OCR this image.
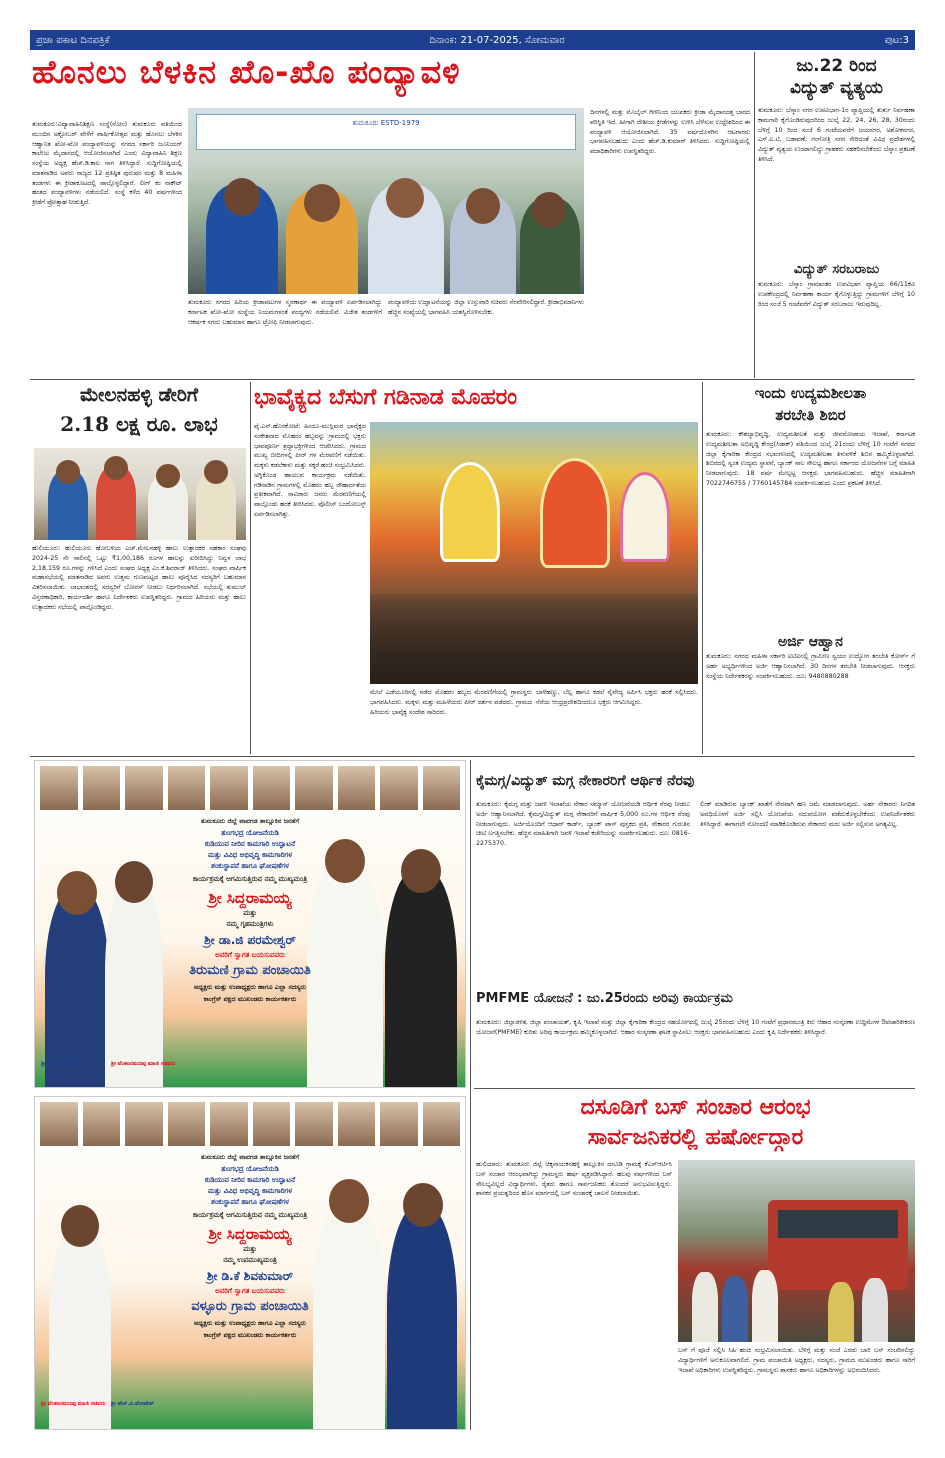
ಪ್ರಜಾ ಪಕಾಟ ದಿನಪತ್ರಿಕೆ	ದಿನಾಂಕ: 21-07-2025, ಸೋಮವಾರ	ಪುಟ:3
ಹೊನಲು ಬೆಳಕಿನ ಖೊ-ಖೊ ಪಂದ್ಯಾವಳಿ
ತುಮಕೂರು:ವಿದ್ಯಾವಾಹಿನಿಶಿಕ್ಷಣ ಸಂಸ್ಥೆ(ನೋಂ) ತುಮಕೂರು ವತಿಯಿಂದ ಮುಂದಿನ ಅಕ್ಟೋಬರ್ ವೇಳೆಗೆ ವಾರ್ಷಿಕೋತ್ಸವ ಮತ್ತು ಹೊನಲು ಬೆಳಕಿನ ಆಹ್ವಾನಿತ ಖೋ-ಖೋ ಪಂದ್ಯಾವಳಿಯನ್ನು ನಗರದ ಸರ್ಕಾರಿ ಜೂನಿಯರ್ ಕಾಲೇಜು ಮೈದಾನದಲ್ಲಿ ಆಯೋಜಿಸಲಾಗಿದೆ ಎಂದು ವಿದ್ಯಾವಾಹಿನಿ ಶಿಕ್ಷಣ ಸಂಸ್ಥೆಯ ಅಧ್ಯಕ್ಷ ಹೆಚ್.ಡಿ.ಕಾಲ ನಾಗ ತಿಳಿಸಿದ್ದಾರೆ. ಸುದ್ದಿಗೋಷ್ಠಿಯಲ್ಲಿ ಮಾತನಾಡಿದ ಅವರು ರಾಜ್ಯದ 12 ಪ್ರತಿಷ್ಠಿತ ಪುರುಷರ ಮತ್ತು 8 ಮಹಿಳಾ ತಂಡಗಳು ಈ ಕ್ರೀಡಾಕೂಟದಲ್ಲಿ ಪಾಲ್ಗೊಳ್ಳಲಿದ್ದಾರೆ. ಲೀಗ್ ಕಂ ನಾಕೌಟ್ ಹಂತದ ಪಂದ್ಯಾವಳಿಗಳು ನಡೆಯಲಿದೆ. ಸಂಸ್ಥೆ ಕಳೆದ 40 ವರ್ಷಗಳಿಂದ ಕ್ರೀಡೆಗೆ ಪ್ರೋತ್ಸಾಹ ನೀಡುತ್ತಿದೆ.
ತುಮಕೂರು ESTD-1979
ತುಮಕೂರು ನಗರದ ಹಿರಿಯ ಕ್ರೀಡಾಪಟುಗಳ ಸ್ಮರಣಾರ್ಥ ಈ ಪಂದ್ಯಾವಳಿ ಏರ್ಪಡಿಸಲಾಗಿದ್ದು ಕರ್ನಾಟಕ ಖೋ-ಖೋ ಸಂಸ್ಥೆಯ ನಿಯಮಗಳಂತೆ ಪಂದ್ಯಗಳು ನಡೆಯಲಿವೆ. ವಿಜೇತ ತಂಡಗಳಿಗೆ ಆಕರ್ಷಕ ನಗದು ಬಹುಮಾನ ಹಾಗೂ ಟ್ರೋಫಿ ನೀಡಲಾಗುವುದು.
ಪಂದ್ಯಾವಳಿಯ ಉದ್ಘಾಟನೆಯನ್ನು ಜಿಲ್ಲಾ ಉಸ್ತುವಾರಿ ಸಚಿವರು ನೆರವೇರಿಸಲಿದ್ದಾರೆ. ಕ್ರೀಡಾಭಿಮಾನಿಗಳು ಹೆಚ್ಚಿನ ಸಂಖ್ಯೆಯಲ್ಲಿ ಭಾಗವಹಿಸಿ ಯಶಸ್ವಿಗೊಳಿಸಬೇಕು.
ದಿನಗಳಲ್ಲಿ ಮತ್ತು ಮೊಬೈಲ್ ಗೀಳಿನಿಂದ ಯುವಕರು ಕ್ರೀಡಾ ಮೈದಾನದತ್ತ ಬಾರದ ಪರಿಸ್ಥಿತಿ ಇದೆ. ಹೀಗಾಗಿ ದೇಶೀಯ ಕ್ರೀಡೆಗಳನ್ನು ಉಳಿಸಿ ಬೆಳೆಸುವ ಉದ್ದೇಶದಿಂದ ಈ ಪಂದ್ಯಾವಳಿ ಆಯೋಜಿಸಲಾಗಿದೆ. 35 ವರ್ಷದೊಳಗಿನ ಆಟಗಾರರು ಭಾಗವಹಿಸಬಹುದು ಎಂದು ಹೆಚ್.ಡಿ.ಕುಮಾರ್ ತಿಳಿಸಿದರು. ಸುದ್ದಿಗೋಷ್ಠಿಯಲ್ಲಿ ಪದಾಧಿಕಾರಿಗಳು ಉಪಸ್ಥಿತರಿದ್ದರು.
ಜು.22 ರಿಂದ
ವಿದ್ಯುತ್ ವ್ಯತ್ಯಯ
ತುಮಕೂರು: ಬೆಸ್ಕಾಂ ನಗರ ಉಪವಿಭಾಗ-1ರ ವ್ಯಾಪ್ತಿಯಲ್ಲಿ ತುರ್ತು ನಿರ್ವಹಣಾ ಕಾಮಗಾರಿ ಕೈಗೊಂಡಿರುವುದರಿಂದ ಜುಲೈ 22, 24, 26, 28, 30ರಂದು ಬೆಳಿಗ್ಗೆ 10 ರಿಂದ ಸಂಜೆ 6 ಗಂಟೆಯವರೆಗೆ ಜಯನಗರ, ಅಶೋಕನಗರ, ಎಸ್.ಐ.ಟಿ. ಬಡಾವಣೆ, ಗಂಗೋತ್ರಿ ನಗರ ಸೇರಿದಂತೆ ವಿವಿಧ ಪ್ರದೇಶಗಳಲ್ಲಿ ವಿದ್ಯುತ್ ವ್ಯತ್ಯಯ ಉಂಟಾಗಲಿದ್ದು ಗ್ರಾಹಕರು ಸಹಕರಿಸಬೇಕೆಂದು ಬೆಸ್ಕಾಂ ಪ್ರಕಟಣೆ ತಿಳಿಸಿದೆ.
ವಿದ್ಯುತ್ ಸರಬರಾಜು
ತುಮಕೂರು: ಬೆಸ್ಕಾಂ ಗ್ರಾಮಾಂತರ ಉಪವಿಭಾಗ ವ್ಯಾಪ್ತಿಯ 66/11ಕೆವಿ ಉಪಕೇಂದ್ರದಲ್ಲಿ ನಿರ್ವಹಣಾ ಕಾರ್ಯ ಕೈಗೊಳ್ಳುತ್ತಿದ್ದು ಗ್ರಾಮಗಳಿಗೆ ಬೆಳಿಗ್ಗೆ 10 ರಿಂದ ಸಂಜೆ 5 ಗಂಟೆವರೆಗೆ ವಿದ್ಯುತ್ ಸರಬರಾಜು ಇರುವುದಿಲ್ಲ.
ಮೇಲನಹಳ್ಳಿ ಡೇರಿಗೆ
2.18 ಲಕ್ಷ ರೂ. ಲಾಭ
ಹುಲಿಯೂರು: ಹುಲಿಯೂರು ಹೋಬಳಿಯ ಎಚ್.ಮೇಲನಹಳ್ಳಿ ಹಾಲು ಉತ್ಪಾದಕರ ಸಹಕಾರ ಸಂಘವು 2024-25 ನೇ ಸಾಲಿನಲ್ಲಿ ಒಟ್ಟು ₹1,00,186 ರೂಗಳ ಹಾಲನ್ನು ಖರೀದಿಸಿದ್ದು ನಿವ್ವಳ ಲಾಭ 2,18,159 ರೂ.ಗಳನ್ನು ಗಳಿಸಿದೆ ಎಂದು ಸಂಘದ ಅಧ್ಯಕ್ಷ ಎಂ.ಕೆ.ಶಿವರಾಜ್ ತಿಳಿಸಿದರು. ಸಂಘದ ವಾರ್ಷಿಕ ಮಹಾಸಭೆಯಲ್ಲಿ ಮಾತನಾಡಿದ ಅವರು ಉತ್ತಮ ಗುಣಮಟ್ಟದ ಹಾಲು ಪೂರೈಸಿದ ಸದಸ್ಯರಿಗೆ ಬಹುಮಾನ ವಿತರಿಸಲಾಯಿತು. ಲಾಭಾಂಶದಲ್ಲಿ ಸದಸ್ಯರಿಗೆ ಬೋನಸ್ ನೀಡಲು ನಿರ್ಧರಿಸಲಾಗಿದೆ. ಸಭೆಯಲ್ಲಿ ತುಮುಲ್ ವಿಸ್ತರಣಾಧಿಕಾರಿ, ಕಾರ್ಯದರ್ಶಿ ಹಾಗೂ ನಿರ್ದೇಶಕರು ಉಪಸ್ಥಿತರಿದ್ದರು. ಗ್ರಾಮದ ಹಿರಿಯರು ಮತ್ತು ಹಾಲು ಉತ್ಪಾದಕರು ಸಭೆಯಲ್ಲಿ ಪಾಲ್ಗೊಂಡಿದ್ದರು.
ಭಾವೈಕ್ಯದ ಬೆಸುಗೆ ಗಡಿನಾಡ ಮೊಹರಂ
ಪೈ.ಎನ್.ಹೊಸಕೋಟೆ: ಹಿಂದೂ-ಮುಸ್ಲಿಮರ ಭಾವೈಕ್ಯದ ಸಂಕೇತವಾದ ಮೊಹರಂ ಹಬ್ಬವನ್ನು ಗ್ರಾಮದಲ್ಲಿ ಭಕ್ತರು ಭಾವಪೂರ್ಣ ಶ್ರದ್ಧಾಭಕ್ತಿಗಳಿಂದ ಆಚರಿಸಿದರು. ಗ್ರಾಮದ ಮುಖ್ಯ ಬೀದಿಗಳಲ್ಲಿ ಪೀರ್ ಗಳ ಮೆರವಣಿಗೆ ನಡೆಯಿತು. ಮಕ್ಕಳು ಕಡಲೆಕಾಳು ಮತ್ತು ಸಕ್ಕರೆ ಹಂಚಿ ಸಂಭ್ರಮಿಸಿದರು. ಅಗ್ನಿಕೊಂಡ ಹಾಯುವ ಕಾರ್ಯಕ್ರಮ ನಡೆಯಿತು. ಗಡಿನಾಡಿನ ಗ್ರಾಮಗಳಲ್ಲಿ ಮೊಹರಂ ಹಬ್ಬ ಸೌಹಾರ್ದತೆಯ ಪ್ರತೀಕವಾಗಿದೆ. ಸಾವಿರಾರು ಜನರು ಮೆರವಣಿಗೆಯಲ್ಲಿ ಪಾಲ್ಗೊಂಡು ಹರಕೆ ತೀರಿಸಿದರು. ಪೊಲೀಸ್ ಬಂದೋಬಸ್ತ್ ಏರ್ಪಡಿಸಲಾಗಿತ್ತು.
ಮೇಲೆ ಎಡೆಯೂರಿನಲ್ಲಿ ನಡೆದ ಮೊಹರಂ ಹಬ್ಬದ ಮೆರವಣಿಗೆಯಲ್ಲಿ ಗ್ರಾಮಸ್ಥರು ಭಾಗವಹಿಸಿದರು. ಮಕ್ಕಳು ಮತ್ತು ಮಹಿಳೆಯರು ಪೀರ್ ದರ್ಶನ ಪಡೆದರು. ಗ್ರಾಮದ ಹಿರಿಯರು ಭಾವೈಕ್ಯ ಸಂದೇಶ ಸಾರಿದರು.
ಬಾಳೆಹಣ್ಣು, ಬೆಲ್ಲ ಹಾಗೂ ಕಡಲೆ ನೈವೇದ್ಯ ಅರ್ಪಿಸಿ ಭಕ್ತರು ಹರಕೆ ಸಲ್ಲಿಸಿದರು. ನೆರೆಯ ಆಂಧ್ರಪ್ರದೇಶದಿಂದಲೂ ಭಕ್ತರು ಆಗಮಿಸಿದ್ದರು.
ಇಂದು ಉದ್ಯಮಶೀಲತಾ
ತರಬೇತಿ ಶಿಬಿರ
ತುಮಕೂರು: ಕೌಶಲ್ಯಾಭಿವೃದ್ಧಿ, ಉದ್ಯಮಶೀಲತೆ ಮತ್ತು ಜೀವನೋಪಾಯ ಇಲಾಖೆ, ಕರ್ನಾಟಕ ಉದ್ಯಮಶೀಲತಾ ಅಭಿವೃದ್ಧಿ ಕೇಂದ್ರ(ಸಿಡಾಕ್) ವತಿಯಿಂದ ಜುಲೈ 21ರಂದು ಬೆಳಿಗ್ಗೆ 10 ಗಂಟೆಗೆ ನಗರದ ಜಿಲ್ಲಾ ಕೈಗಾರಿಕಾ ಕೇಂದ್ರದ ಸಭಾಂಗಣದಲ್ಲಿ ಉದ್ಯಮಶೀಲತಾ ತಿಳುವಳಿಕೆ ಶಿಬಿರ ಹಮ್ಮಿಕೊಳ್ಳಲಾಗಿದೆ. ಶಿಬಿರದಲ್ಲಿ ಸ್ವಂತ ಉದ್ಯಮ ಸ್ಥಾಪನೆ, ಬ್ಯಾಂಕ್ ಸಾಲ ಸೌಲಭ್ಯ ಹಾಗೂ ಸರ್ಕಾರದ ಯೋಜನೆಗಳ ಬಗ್ಗೆ ಮಾಹಿತಿ ನೀಡಲಾಗುವುದು. 18 ವರ್ಷ ಮೇಲ್ಪಟ್ಟ ಆಸಕ್ತರು ಭಾಗವಹಿಸಬಹುದು. ಹೆಚ್ಚಿನ ಮಾಹಿತಿಗಾಗಿ 7022746755 / 7760145784 ಸಂಪರ್ಕಿಸಬಹುದು ಎಂದು ಪ್ರಕಟಣೆ ತಿಳಿಸಿದೆ.
ಅರ್ಜಿ ಆಹ್ವಾನ
ತುಮಕೂರು: ನಗರದ ಮಹಿಳಾ ಸರ್ಕಾರಿ ಐಟಿಐನಲ್ಲಿ ಗ್ರಾಮೀಣ ಸ್ವಯಂ ಉದ್ಯೋಗ ತರಬೇತಿ ಕೋರ್ಸ್ ಗೆ ಅರ್ಹ ಅಭ್ಯರ್ಥಿಗಳಿಂದ ಅರ್ಜಿ ಆಹ್ವಾನಿಸಲಾಗಿದೆ. 30 ದಿನಗಳ ತರಬೇತಿ ನೀಡಲಾಗುವುದು. ಆಸಕ್ತರು ಸಂಸ್ಥೆಯ ನಿರ್ದೇಶಕರನ್ನು ಸಂಪರ್ಕಿಸಬಹುದು. ದೂ: 9480880288
ತುಮಕೂರು ಜಿಲ್ಲೆ ಪಾವಗಡ ತಾಲ್ಲೂಕಿನ ಜನತೆಗೆ
ತುಂಗಭದ್ರ ಯೋಜನೆಯಡಿ
ಕುಡಿಯುವ ನೀರಿನ ಕಾಮಗಾರಿ ಉದ್ಘಾಟನೆ
ಮತ್ತು ವಿವಿಧ ಅಭಿವೃದ್ಧಿ ಕಾಮಗಾರಿಗಳ
ಶಂಕುಸ್ಥಾಪನೆ ಹಾಗೂ ಘೋಷಣೆಗಳ
ಕಾರ್ಯಕ್ರಮಕ್ಕೆ ಆಗಮಿಸುತ್ತಿರುವ ನಮ್ಮ ಮುಖ್ಯಮಂತ್ರಿ
ಶ್ರೀ ಸಿದ್ದರಾಮಯ್ಯ
ಮತ್ತು
ನಮ್ಮ ಗೃಹಮಂತ್ರಿಗಳು
ಶ್ರೀ ಡಾ.ಜಿ ಪರಮೇಶ್ವರ್
ಅವರಿಗೆ ಸ್ವಾಗತ ಬಯಸುವವರು
ತಿರುಮಣಿ ಗ್ರಾಮ ಪಂಚಾಯಿತಿ
ಅಧ್ಯಕ್ಷರು ಮತ್ತು ಉಪಾಧ್ಯಕ್ಷರು ಹಾಗೂ ಎಲ್ಲಾ ಸದಸ್ಯರು
ಕಾಂಗ್ರೆಸ್ ಪಕ್ಷದ ಮುಖಂಡರು ಕಾರ್ಯಕರ್ತರು
ಶ್ರೀ ಹೆಚ್.ವಿ.ವೆಂಕಟೇಶ್	ಶ್ರೀ ವೆಂಕಟರಮಣಪ್ಪ ಮಾಜಿ ಸಚಿವರು
ಕೈಮಗ್ಗ/ವಿದ್ಯುತ್ ಮಗ್ಗ ನೇಕಾರರಿಗೆ ಆರ್ಥಿಕ ನೆರವು
ತುಮಕೂರು: ಕೈಮಗ್ಗ ಮತ್ತು ಜವಳಿ ಇಲಾಖೆಯ ನೇಕಾರ ಸಮ್ಮಾನ್ ಯೋಜನೆಯಡಿ ಆರ್ಥಿಕ ನೆರವು ನೀಡಲು ಅರ್ಜಿ ಆಹ್ವಾನಿಸಲಾಗಿದೆ. ಕೈಮಗ್ಗ/ವಿದ್ಯುತ್ ಮಗ್ಗ ನೇಕಾರರಿಗೆ ವಾರ್ಷಿಕ 5,000 ರೂ.ಗಳ ಆರ್ಥಿಕ ನೆರವು ನೀಡಲಾಗುವುದು. ಅರ್ಜಿಯೊಂದಿಗೆ ಆಧಾರ್ ಕಾರ್ಡ್, ಬ್ಯಾಂಕ್ ಪಾಸ್ ಪುಸ್ತಕದ ಪ್ರತಿ, ನೇಕಾರರ ಗುರುತಿನ ಚೀಟಿ ಲಗತ್ತಿಸಬೇಕು. ಹೆಚ್ಚಿನ ಮಾಹಿತಿಗಾಗಿ ಜವಳಿ ಇಲಾಖೆ ಕಚೇರಿಯನ್ನು ಸಂಪರ್ಕಿಸಬಹುದು. ದೂ: 0816-2275370.
ಲಿಂಕ್ ಮಾಡಿರುವ ಬ್ಯಾಂಕ್ ಖಾತೆಗೆ ನೇರವಾಗಿ ಹಣ ಜಮೆ ಮಾಡಲಾಗುವುದು. ಅರ್ಹ ನೇಕಾರರು ನಿಗದಿತ ಅವಧಿಯೊಳಗೆ ಅರ್ಜಿ ಸಲ್ಲಿಸಿ ಯೋಜನೆಯ ಸದುಪಯೋಗ ಪಡೆದುಕೊಳ್ಳಬೇಕೆಂದು ಉಪನಿರ್ದೇಶಕರು ತಿಳಿಸಿದ್ದಾರೆ. ಈಗಾಗಲೇ ನೋಂದಣಿ ಮಾಡಿಕೊಂಡಿರುವ ನೇಕಾರರು ಮರು ಅರ್ಜಿ ಸಲ್ಲಿಸುವ ಅಗತ್ಯವಿಲ್ಲ.
PMFME ಯೋಜನೆ : ಜು.25ರಂದು ಅರಿವು ಕಾರ್ಯಕ್ರಮ
ತುಮಕೂರು: ಜಿಲ್ಲಾಡಳಿತ, ಜಿಲ್ಲಾ ಪಂಚಾಯತ್, ಕೃಷಿ ಇಲಾಖೆ ಮತ್ತು ಜಿಲ್ಲಾ ಕೈಗಾರಿಕಾ ಕೇಂದ್ರದ ಸಹಯೋಗದಲ್ಲಿ ಜುಲೈ 25ರಂದು ಬೆಳಿಗ್ಗೆ 10 ಗಂಟೆಗೆ ಪ್ರಧಾನಮಂತ್ರಿ ಕಿರು ಆಹಾರ ಸಂಸ್ಕರಣಾ ಉದ್ದಿಮೆಗಳ ಔಪಚಾರಿಕೀಕರಣ ಯೋಜನೆ(PMFME) ಕುರಿತು ಅರಿವು ಕಾರ್ಯಕ್ರಮ ಹಮ್ಮಿಕೊಳ್ಳಲಾಗಿದೆ. ಆಹಾರ ಸಂಸ್ಕರಣಾ ಘಟಕ ಸ್ಥಾಪಿಸಲು ಆಸಕ್ತರು ಭಾಗವಹಿಸಬಹುದು ಎಂದು ಕೃಷಿ ನಿರ್ದೇಶಕರು ತಿಳಿಸಿದ್ದಾರೆ.
ತುಮಕೂರು ಜಿಲ್ಲೆ ಪಾವಗಡ ತಾಲ್ಲೂಕಿನ ಜನತೆಗೆ
ತುಂಗಭದ್ರ ಯೋಜನೆಯಡಿ
ಕುಡಿಯುವ ನೀರಿನ ಕಾಮಗಾರಿ ಉದ್ಘಾಟನೆ
ಮತ್ತು ವಿವಿಧ ಅಭಿವೃದ್ಧಿ ಕಾಮಗಾರಿಗಳ
ಶಂಕುಸ್ಥಾಪನೆ ಹಾಗೂ ಘೋಷಣೆಗಳ
ಕಾರ್ಯಕ್ರಮಕ್ಕೆ ಆಗಮಿಸುತ್ತಿರುವ ನಮ್ಮ ಮುಖ್ಯಮಂತ್ರಿ
ಶ್ರೀ ಸಿದ್ದರಾಮಯ್ಯ
ಮತ್ತು
ನಮ್ಮ ಉಪಮುಖ್ಯಮಂತ್ರಿ
ಶ್ರೀ ಡಿ.ಕೆ ಶಿವಕುಮಾರ್
ಅವರಿಗೆ ಸ್ವಾಗತ ಬಯಸುವವರು
ವಳ್ಳೂರು ಗ್ರಾಮ ಪಂಚಾಯಿತಿ
ಅಧ್ಯಕ್ಷರು ಮತ್ತು ಉಪಾಧ್ಯಕ್ಷರು ಹಾಗೂ ಎಲ್ಲಾ ಸದಸ್ಯರು
ಕಾಂಗ್ರೆಸ್ ಪಕ್ಷದ ಮುಖಂಡರು ಕಾರ್ಯಕರ್ತರು
ಶ್ರೀ ವೆಂಕಟರಮಣಪ್ಪ ಮಾಜಿ ಸಚಿವರು ಶ್ರೀ ಹೆಚ್.ವಿ.ವೆಂಕಟೇಶ್
ದಸೂಡಿಗೆ ಬಸ್ ಸಂಚಾರ ಆರಂಭ
ಸಾರ್ವಜನಿಕರಲ್ಲಿ ಹರ್ಷೋದ್ಗಾರ
ಹುಲಿಯಾರು: ತುಮಕೂರು ಜಿಲ್ಲೆ ಚಿಕ್ಕನಾಯಕನಹಳ್ಳಿ ತಾಲ್ಲೂಕಿನ ದಸೂಡಿ ಗ್ರಾಮಕ್ಕೆ ಕೆಎಸ್ಆರ್ಟಿಸಿ ಬಸ್ ಸಂಚಾರ ಆರಂಭವಾಗಿದ್ದು ಗ್ರಾಮಸ್ಥರು ಹರ್ಷ ವ್ಯಕ್ತಪಡಿಸಿದ್ದಾರೆ. ಹಲವು ವರ್ಷಗಳಿಂದ ಬಸ್ ಸೌಲಭ್ಯವಿಲ್ಲದೆ ವಿದ್ಯಾರ್ಥಿಗಳು, ರೈತರು ಹಾಗೂ ಸಾರ್ವಜನಿಕರು ತೊಂದರೆ ಅನುಭವಿಸುತ್ತಿದ್ದರು. ಶಾಸಕರ ಪ್ರಯತ್ನದಿಂದ ಹೊಸ ಮಾರ್ಗದಲ್ಲಿ ಬಸ್ ಸಂಚಾರಕ್ಕೆ ಚಾಲನೆ ನೀಡಲಾಯಿತು.
ಬಸ್ ಗೆ ಪೂಜೆ ಸಲ್ಲಿಸಿ ಸಿಹಿ ಹಂಚಿ ಸಂಭ್ರಮಿಸಲಾಯಿತು. ಬೆಳಿಗ್ಗೆ ಮತ್ತು ಸಂಜೆ ಎರಡು ಬಾರಿ ಬಸ್ ಸಂಚರಿಸಲಿದ್ದು ವಿದ್ಯಾರ್ಥಿಗಳಿಗೆ ಅನುಕೂಲವಾಗಲಿದೆ. ಗ್ರಾಮ ಪಂಚಾಯಿತಿ ಅಧ್ಯಕ್ಷರು, ಸದಸ್ಯರು, ಗ್ರಾಮದ ಮುಖಂಡರು ಹಾಗೂ ಸಾರಿಗೆ ಇಲಾಖೆ ಅಧಿಕಾರಿಗಳು ಉಪಸ್ಥಿತರಿದ್ದರು. ಗ್ರಾಮಸ್ಥರು ಶಾಸಕರು ಹಾಗೂ ಅಧಿಕಾರಿಗಳನ್ನು ಅಭಿನಂದಿಸಿದರು.
